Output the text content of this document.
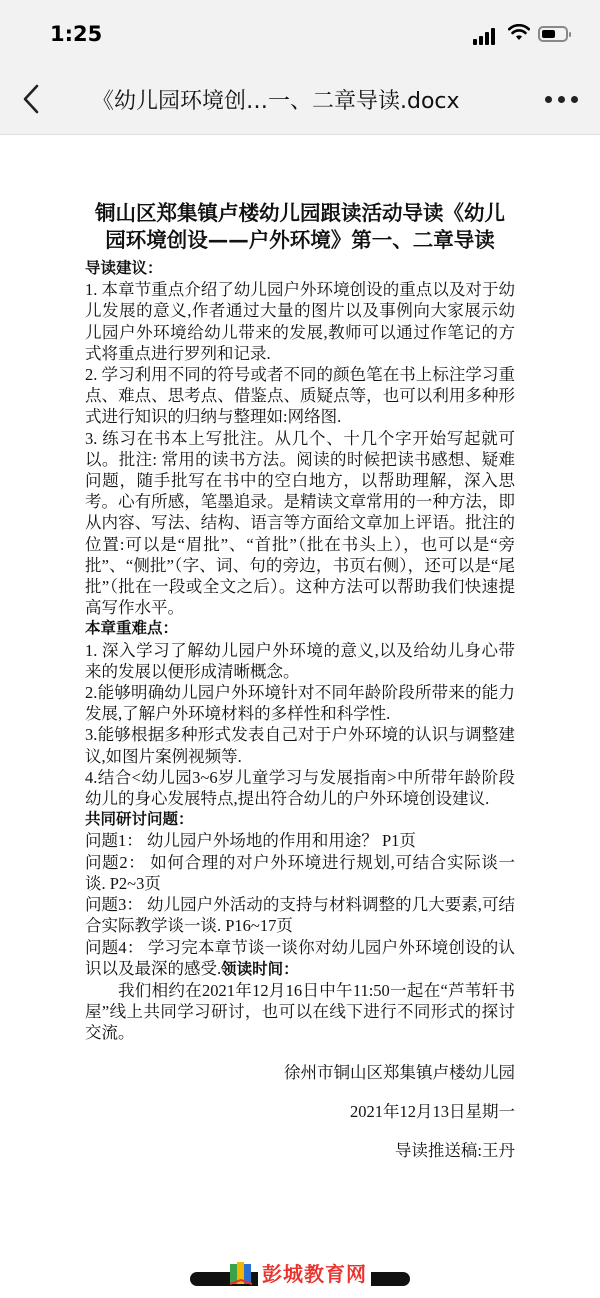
1:25
《幼儿园环境创…一、二章导读.docx
铜山区郑集镇卢楼幼儿园跟读活动导读《幼儿园环境创设——户外环境》第一、二章导读
导读建议：

1. 本章节重点介绍了幼儿园户外环境创设的重点以及对于幼儿发展的意义,作者通过大量的图片以及事例向大家展示幼儿园户外环境给幼儿带来的发展,教师可以通过作笔记的方式将重点进行罗列和记录.

2. 学习利用不同的符号或者不同的颜色笔在书上标注学习重点、难点、思考点、借鉴点、质疑点等，也可以利用多种形式进行知识的归纳与整理如:网络图.

3. 练习在书本上写批注。从几个、十几个字开始写起就可以。批注: 常用的读书方法。阅读的时候把读书感想、疑难问题，随手批写在书中的空白地方，以帮助理解，深入思考。心有所感，笔墨追录。是精读文章常用的一种方法，即从内容、写法、结构、语言等方面给文章加上评语。批注的位置:可以是“眉批”、“首批”（批在书头上），也可以是“旁批”、“侧批”（字、词、句的旁边，书页右侧），还可以是“尾批”（批在一段或全文之后）。这种方法可以帮助我们快速提高写作水平。

本章重难点：

1. 深入学习了解幼儿园户外环境的意义,以及给幼儿身心带来的发展以便形成清晰概念。

2.能够明确幼儿园户外环境针对不同年龄阶段所带来的能力发展,了解户外环境材料的多样性和科学性.

3.能够根据多种形式发表自己对于户外环境的认识与调整建议,如图片案例视频等.

4.结合<幼儿园3~6岁儿童学习与发展指南>中所带年龄阶段幼儿的身心发展特点,提出符合幼儿的户外环境创设建议.

共同研讨问题：

问题1： 幼儿园户外场地的作用和用途？ P1页

问题2： 如何合理的对户外环境进行规划,可结合实际谈一谈. P2~3页

问题3： 幼儿园户外活动的支持与材料调整的几大要素,可结合实际教学谈一谈. P16~17页

问题4： 学习完本章节谈一谈你对幼儿园户外环境创设的认识以及最深的感受.领读时间：

我们相约在2021年12月16日中午11:50一起在“芦苇轩书屋”线上共同学习研讨，也可以在线下进行不同形式的探讨交流。

徐州市铜山区郑集镇卢楼幼儿园

2021年12月13日星期一

导读推送稿:王丹

彭城教育网
